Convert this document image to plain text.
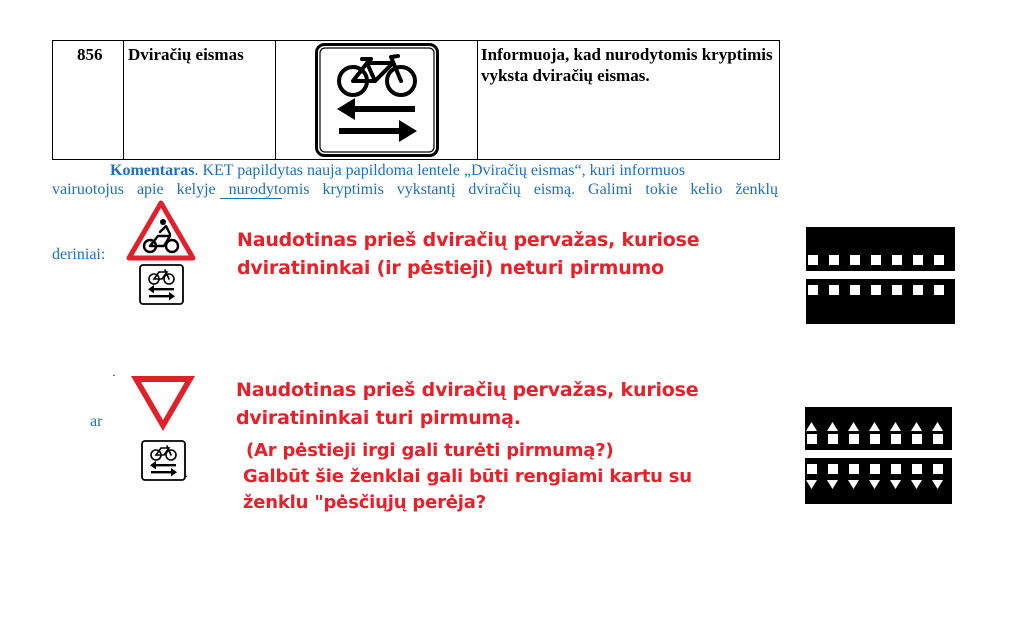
856 Dviračių eismas	Informuoja, kad nurodytomis kryptimis vyksta dviračių eismas.
Komentaras. KET papildytas nauja papildoma lentele „Dviračių eismas“, kuri informuos
vairuotojus apie kelyje nurodytomis kryptimis vykstantį dviračių eismą. Galimi tokie kelio ženklų
deriniai:
ar
·
.
Naudotinas prieš dviračių pervažas, kuriose
dviratininkai (ir pėstieji) neturi pirmumo
Naudotinas prieš dviračių pervažas, kuriose
dviratininkai turi pirmumą.
(Ar pėstieji irgi gali turėti pirmumą?)
Galbūt šie ženklai gali būti rengiami kartu su
ženklu "pėsčiųjų perėja?
